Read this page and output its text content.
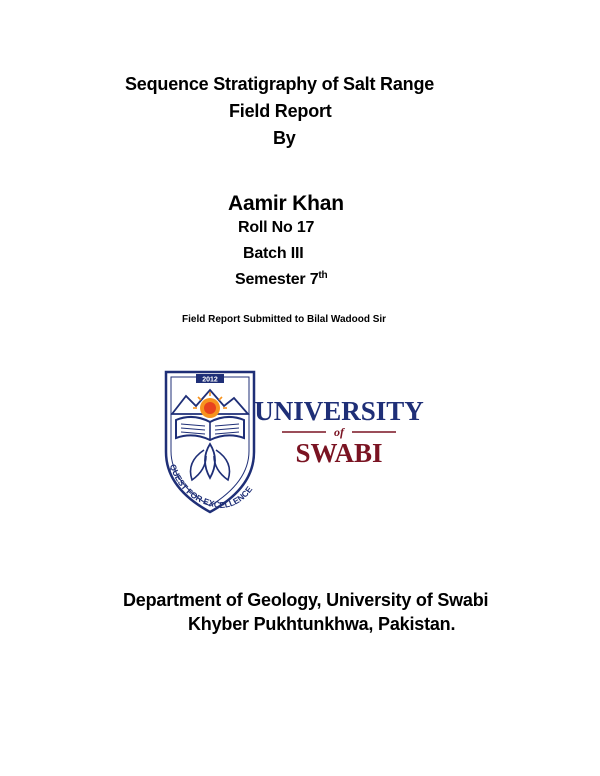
Sequence Stratigraphy of Salt Range
Field Report
By
Aamir Khan
Roll No 17
Batch III
Semester 7th
Field Report Submitted to Bilal Wadood Sir
2012
QUEST FOR EXCELLENCE
UNIVERSITY
of
SWABI
Department of Geology, University of Swabi
Khyber Pukhtunkhwa, Pakistan.
